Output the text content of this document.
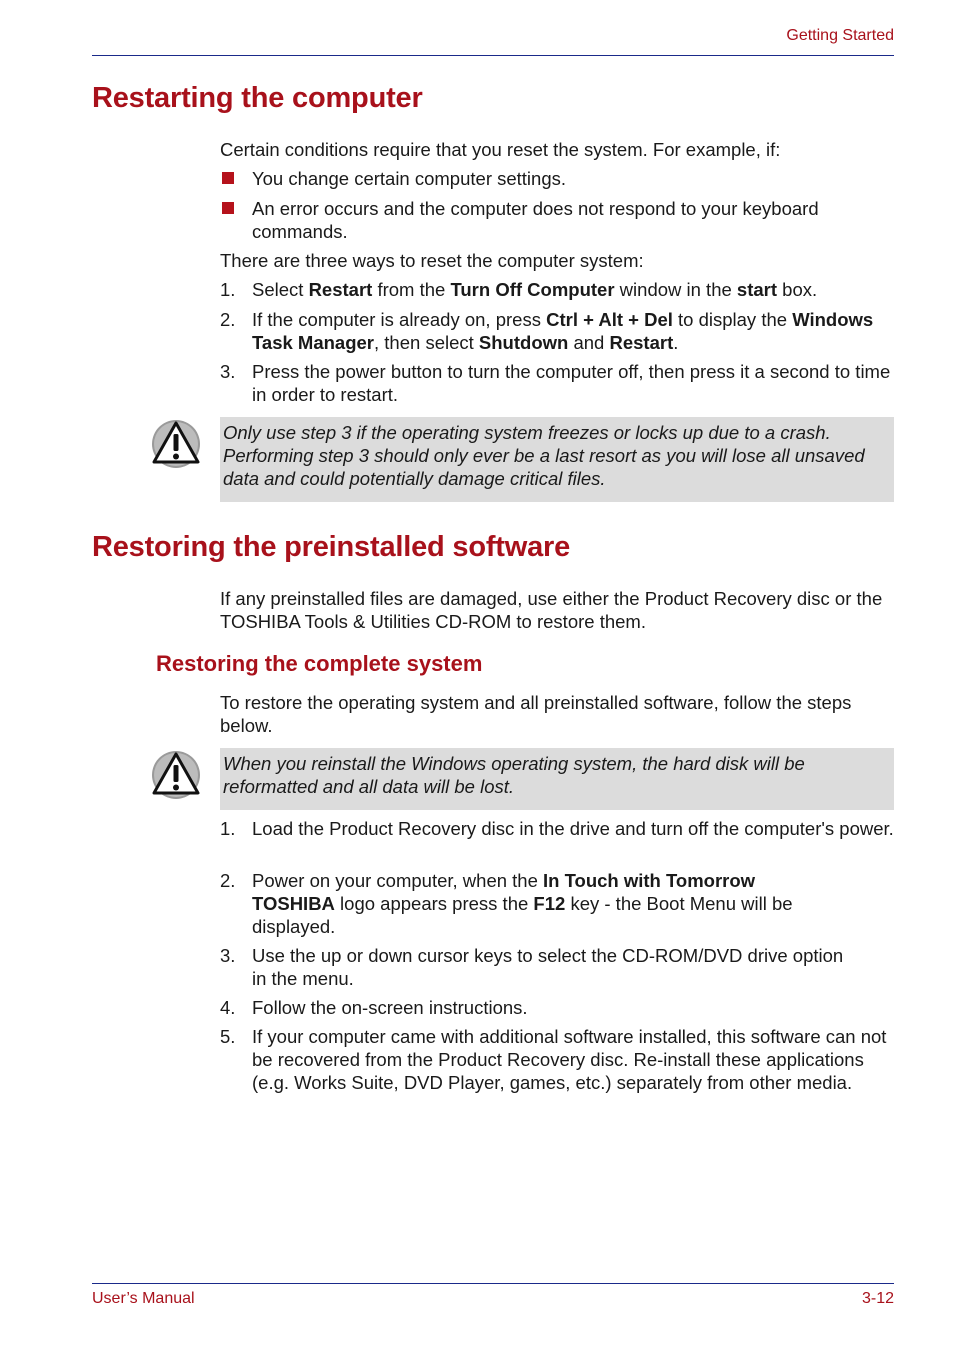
Getting Started
Restarting the computer
Certain conditions require that you reset the system. For example, if:
You change certain computer settings.
An error occurs and the computer does not respond to your keyboard commands.
There are three ways to reset the computer system:
1. Select Restart from the Turn Off Computer window in the start box.
2. If the computer is already on, press Ctrl + Alt + Del to display the Windows Task Manager, then select Shutdown and Restart.
3. Press the power button to turn the computer off, then press it a second to time in order to restart.
Only use step 3 if the operating system freezes or locks up due to a crash. Performing step 3 should only ever be a last resort as you will lose all unsaved data and could potentially damage critical files.
Restoring the preinstalled software
If any preinstalled files are damaged, use either the Product Recovery disc or the TOSHIBA Tools & Utilities CD-ROM to restore them.
Restoring the complete system
To restore the operating system and all preinstalled software, follow the steps below.
When you reinstall the Windows operating system, the hard disk will be reformatted and all data will be lost.
1. Load the Product Recovery disc in the drive and turn off the computer's power.
2. Power on your computer, when the In Touch with Tomorrow TOSHIBA logo appears press the F12 key - the Boot Menu will be displayed.
3. Use the up or down cursor keys to select the CD-ROM/DVD drive option in the menu.
4. Follow the on-screen instructions.
5. If your computer came with additional software installed, this software can not be recovered from the Product Recovery disc. Re-install these applications (e.g. Works Suite, DVD Player, games, etc.) separately from other media.
User’s Manual	3-12
